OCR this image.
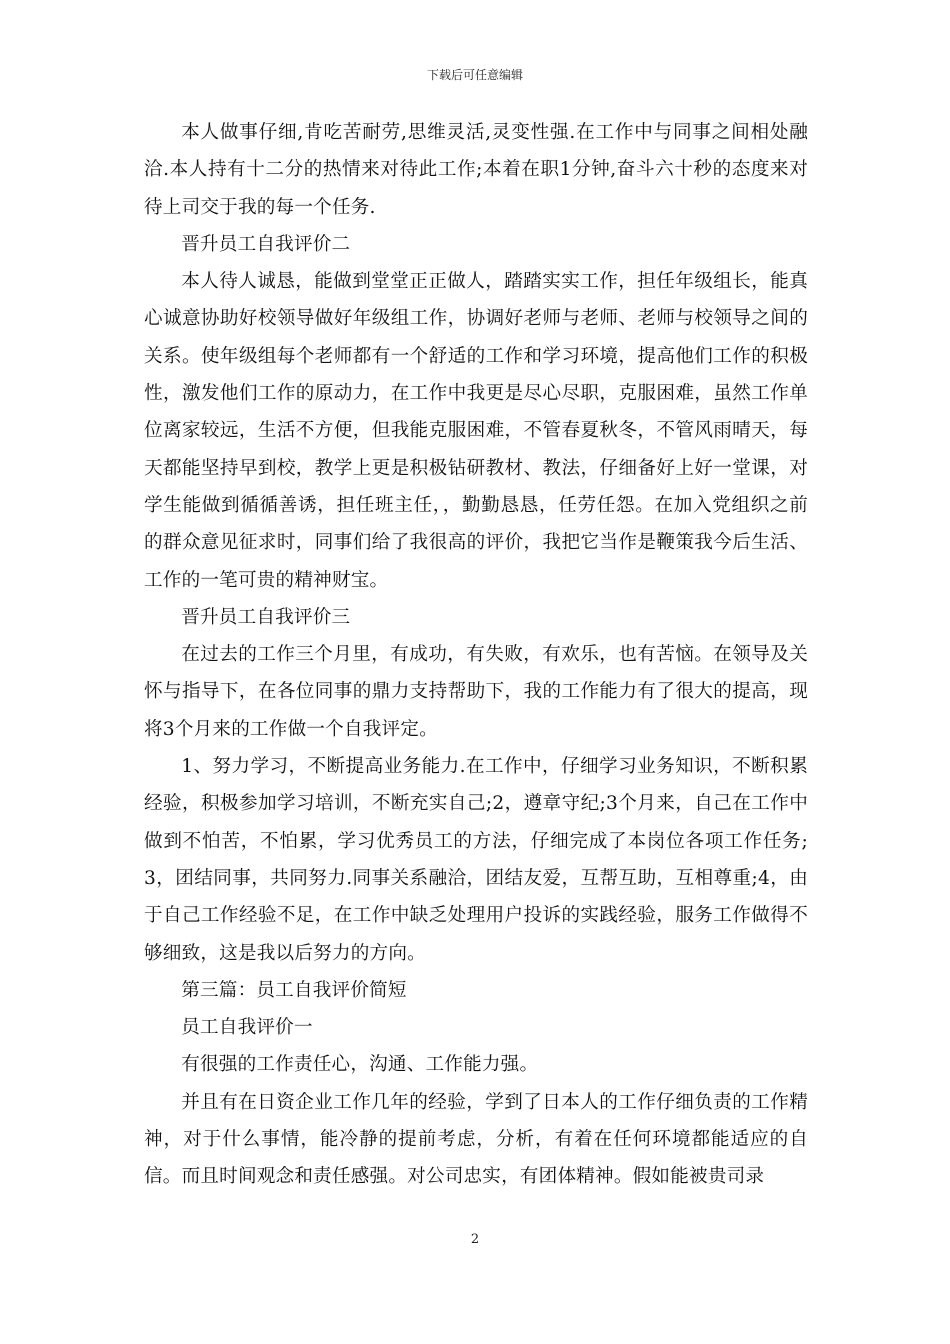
下载后可任意编辑

本人做事仔细,肯吃苦耐劳,思维灵活,灵变性强.在工作中与同事之间相处融洽.本人持有十二分的热情来对待此工作;本着在职1分钟,奋斗六十秒的态度来对待上司交于我的每一个任务.

晋升员工自我评价二

本人待人诚恳，能做到堂堂正正做人，踏踏实实工作，担任年级组长，能真心诚意协助好校领导做好年级组工作，协调好老师与老师、老师与校领导之间的关系。使年级组每个老师都有一个舒适的工作和学习环境，提高他们工作的积极性，激发他们工作的原动力，在工作中我更是尽心尽职，克服困难，虽然工作单位离家较远，生活不方便，但我能克服困难，不管春夏秋冬，不管风雨晴天，每天都能坚持早到校，教学上更是积极钻研教材、教法，仔细备好上好一堂课，对学生能做到循循善诱，担任班主任，，勤勤恳恳，任劳任怨。在加入党组织之前的群众意见征求时，同事们给了我很高的评价，我把它当作是鞭策我今后生活、工作的一笔可贵的精神财宝。

晋升员工自我评价三

在过去的工作三个月里，有成功，有失败，有欢乐，也有苦恼。在领导及关怀与指导下，在各位同事的鼎力支持帮助下，我的工作能力有了很大的提高，现将3个月来的工作做一个自我评定。

1、努力学习，不断提高业务能力.在工作中，仔细学习业务知识，不断积累经验，积极参加学习培训，不断充实自己;2，遵章守纪;3个月来，自己在工作中做到不怕苦，不怕累，学习优秀员工的方法，仔细完成了本岗位各项工作任务;3，团结同事，共同努力.同事关系融洽，团结友爱，互帮互助，互相尊重;4，由于自己工作经验不足，在工作中缺乏处理用户投诉的实践经验，服务工作做得不够细致，这是我以后努力的方向。

第三篇：员工自我评价简短

员工自我评价一

有很强的工作责任心，沟通、工作能力强。

并且有在日资企业工作几年的经验，学到了日本人的工作仔细负责的工作精神，对于什么事情，能冷静的提前考虑，分析，有着在任何环境都能适应的自信。而且时间观念和责任感强。对公司忠实，有团体精神。假如能被贵司录

2
